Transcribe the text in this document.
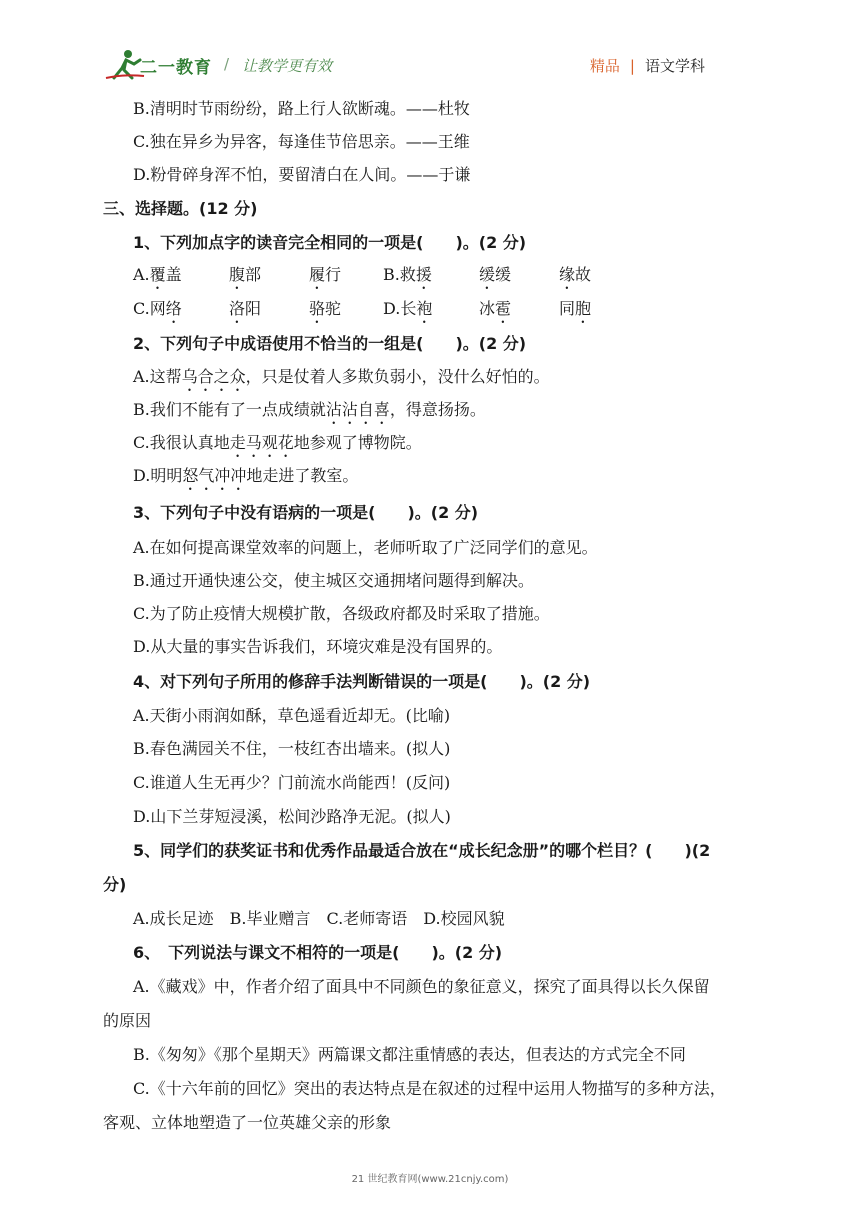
二一教育 / 让教学更有效	精品 | 语文学科
B.清明时节雨纷纷，路上行人欲断魂。——杜牧
C.独在异乡为异客，每逢佳节倍思亲。——王维
D.粉骨碎身浑不怕，要留清白在人间。——于谦
三、选择题。(12 分)
1、下列加点字的读音完全相同的一项是(　　)。(2 分)
A.覆盖	腹部	履行	B.救援	缓缓	缘故
C.网络	洛阳	骆驼	D.长袍	冰雹	同胞
2、下列句子中成语使用不恰当的一组是(　　)。(2 分)
A.这帮乌合之众，只是仗着人多欺负弱小，没什么好怕的。
B.我们不能有了一点成绩就沾沾自喜，得意扬扬。
C.我很认真地走马观花地参观了博物院。
D.明明怒气冲冲地走进了教室。
3、下列句子中没有语病的一项是(　　)。(2 分)
A.在如何提高课堂效率的问题上，老师听取了广泛同学们的意见。
B.通过开通快速公交，使主城区交通拥堵问题得到解决。
C.为了防止疫情大规模扩散，各级政府都及时采取了措施。
D.从大量的事实告诉我们，环境灾难是没有国界的。
4、对下列句子所用的修辞手法判断错误的一项是(　　)。(2 分)
A.天街小雨润如酥，草色遥看近却无。(比喻)
B.春色满园关不住，一枝红杏出墙来。(拟人)
C.谁道人生无再少？门前流水尚能西！(反问)
D.山下兰芽短浸溪，松间沙路净无泥。(拟人)
5、同学们的获奖证书和优秀作品最适合放在“成长纪念册”的哪个栏目？(　　)(2
分)
A.成长足迹　B.毕业赠言　C.老师寄语　D.校园风貌
6、　下列说法与课文不相符的一项是(　　)。(2 分)
A.《藏戏》中，作者介绍了面具中不同颜色的象征意义，探究了面具得以长久保留
的原因
B.《匆匆》《那个星期天》两篇课文都注重情感的表达，但表达的方式完全不同
C.《十六年前的回忆》突出的表达特点是在叙述的过程中运用人物描写的多种方法，
客观、立体地塑造了一位英雄父亲的形象
21 世纪教育网(www.21cnjy.com)
